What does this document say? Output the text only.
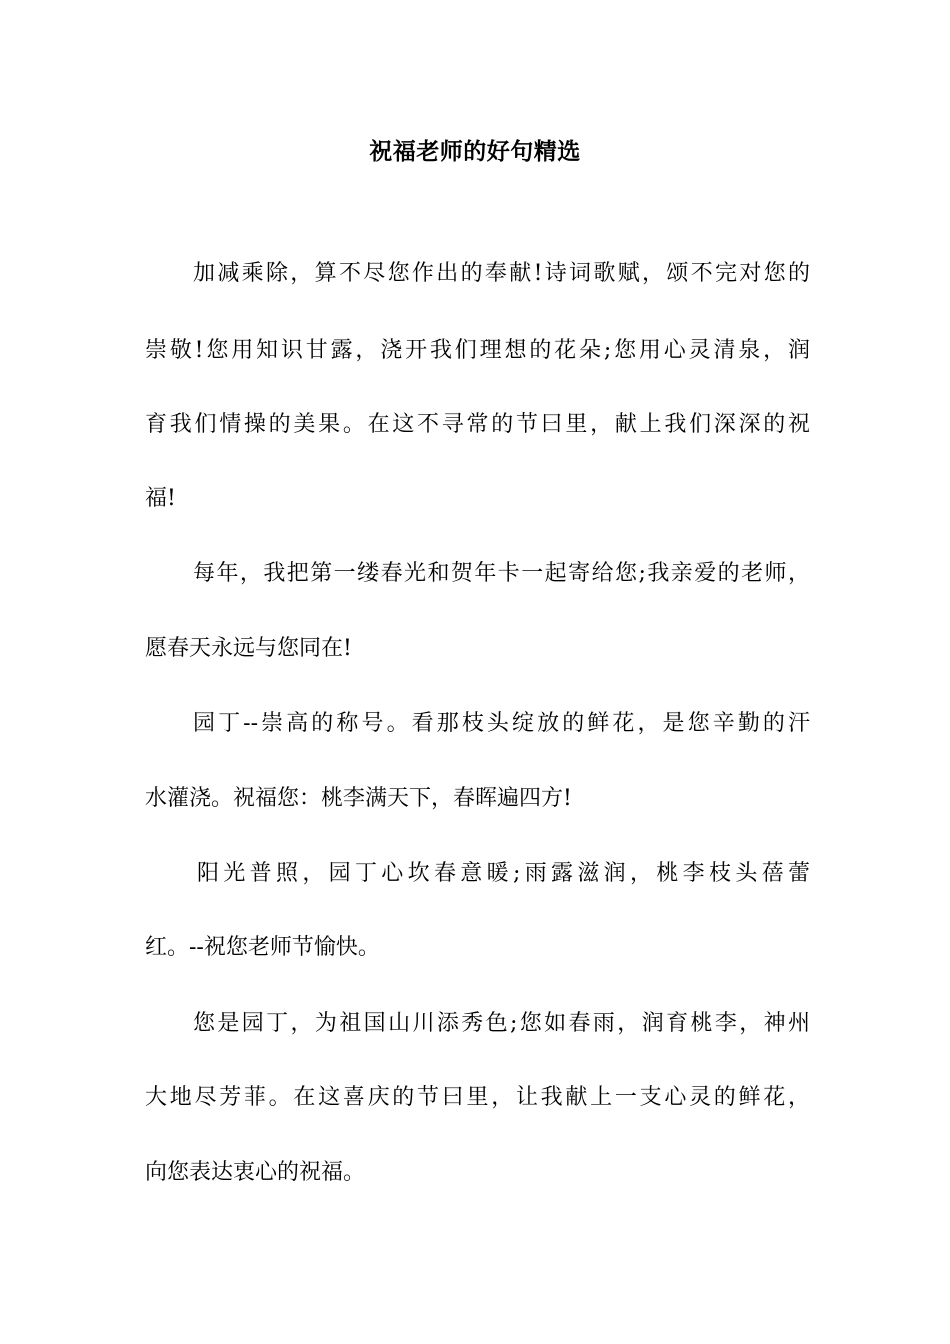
祝福老师的好句精选
加减乘除，算不尽您作出的奉献!诗词歌赋，颂不完对您的
崇敬!您用知识甘露，浇开我们理想的花朵;您用心灵清泉，润
育我们情操的美果。在这不寻常的节曰里，献上我们深深的祝
福!
每年，我把第一缕春光和贺年卡一起寄给您;我亲爱的老师，
愿春天永远与您同在!
园丁--崇高的称号。看那枝头绽放的鲜花，是您辛勤的汗
水灌浇。祝福您：桃李满天下，春晖遍四方!
阳光普照，园丁心坎春意暖;雨露滋润，桃李枝头蓓蕾
红。--祝您老师节愉快。
您是园丁，为祖国山川添秀色;您如春雨，润育桃李，神州
大地尽芳菲。在这喜庆的节曰里，让我献上一支心灵的鲜花，
向您表达衷心的祝福。
